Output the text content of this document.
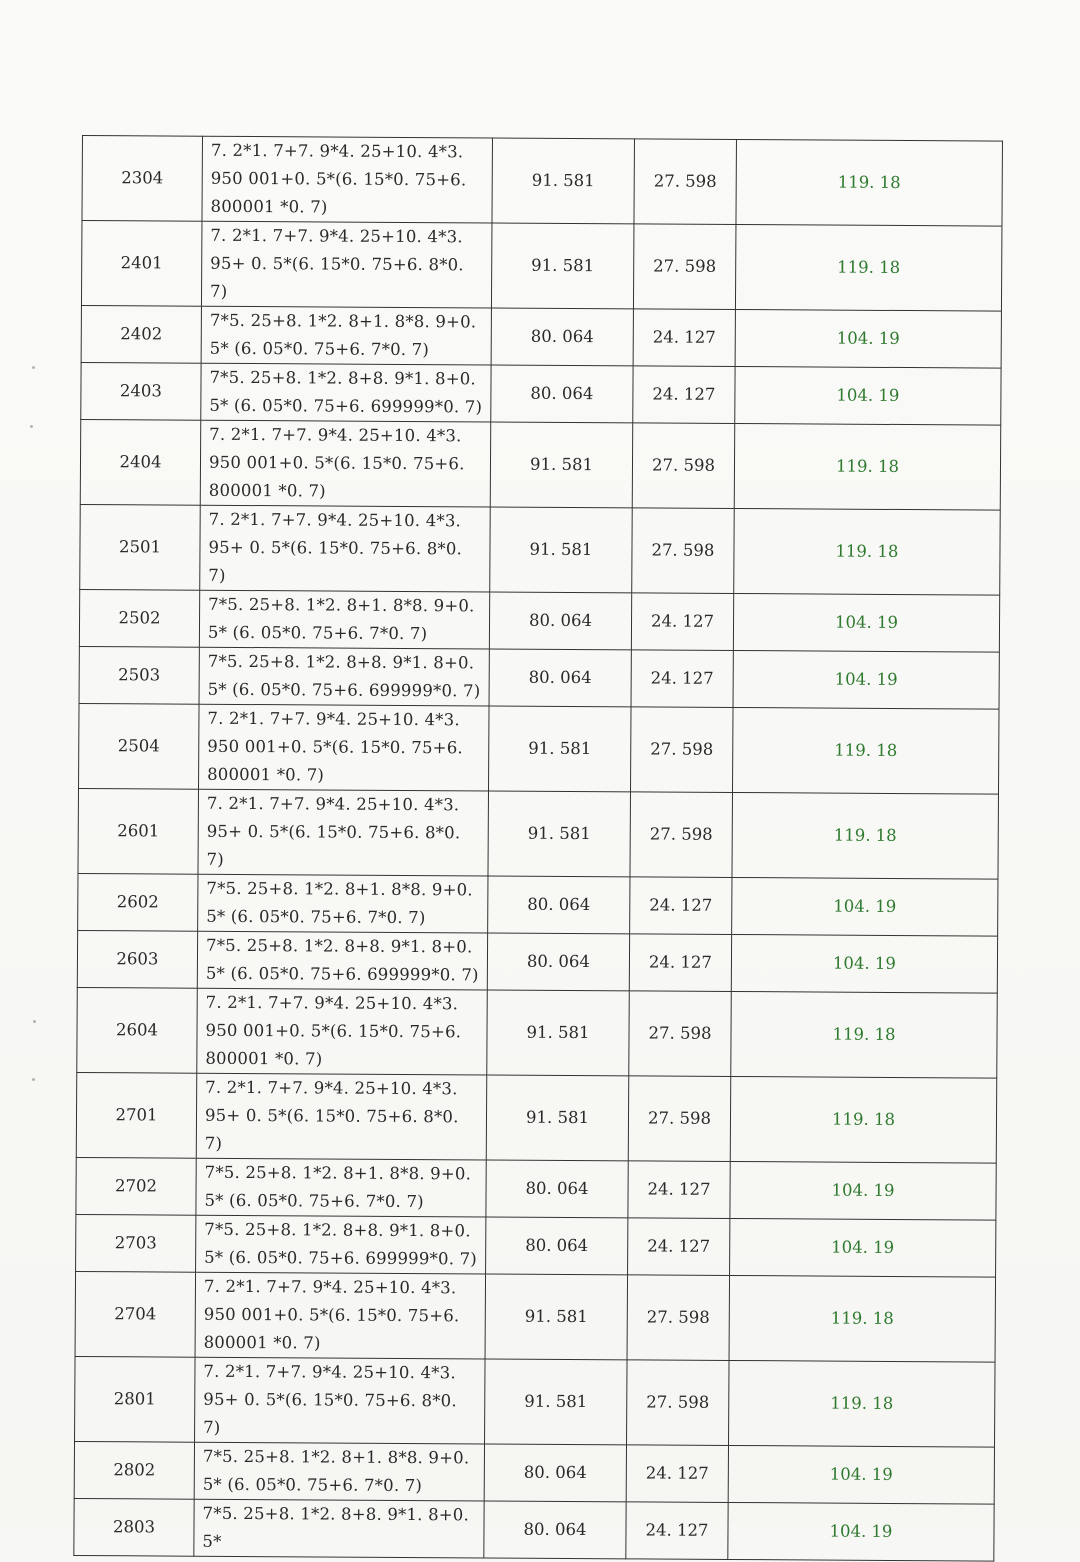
2304	7. 2*1. 7+7. 9*4. 25+10. 4*3. 950 001+0. 5*(6. 15*0. 75+6. 800001 *0. 7)	91. 581	27. 598	119. 18
2401	7. 2*1. 7+7. 9*4. 25+10. 4*3. 95+ 0. 5*(6. 15*0. 75+6. 8*0. 7)	91. 581	27. 598	119. 18
2402	7*5. 25+8. 1*2. 8+1. 8*8. 9+0. 5* (6. 05*0. 75+6. 7*0. 7)	80. 064	24. 127	104. 19
2403	7*5. 25+8. 1*2. 8+8. 9*1. 8+0. 5* (6. 05*0. 75+6. 699999*0. 7)	80. 064	24. 127	104. 19
2404	7. 2*1. 7+7. 9*4. 25+10. 4*3. 950 001+0. 5*(6. 15*0. 75+6. 800001 *0. 7)	91. 581	27. 598	119. 18
2501	7. 2*1. 7+7. 9*4. 25+10. 4*3. 95+ 0. 5*(6. 15*0. 75+6. 8*0. 7)	91. 581	27. 598	119. 18
2502	7*5. 25+8. 1*2. 8+1. 8*8. 9+0. 5* (6. 05*0. 75+6. 7*0. 7)	80. 064	24. 127	104. 19
2503	7*5. 25+8. 1*2. 8+8. 9*1. 8+0. 5* (6. 05*0. 75+6. 699999*0. 7)	80. 064	24. 127	104. 19
2504	7. 2*1. 7+7. 9*4. 25+10. 4*3. 950 001+0. 5*(6. 15*0. 75+6. 800001 *0. 7)	91. 581	27. 598	119. 18
2601	7. 2*1. 7+7. 9*4. 25+10. 4*3. 95+ 0. 5*(6. 15*0. 75+6. 8*0. 7)	91. 581	27. 598	119. 18
2602	7*5. 25+8. 1*2. 8+1. 8*8. 9+0. 5* (6. 05*0. 75+6. 7*0. 7)	80. 064	24. 127	104. 19
2603	7*5. 25+8. 1*2. 8+8. 9*1. 8+0. 5* (6. 05*0. 75+6. 699999*0. 7)	80. 064	24. 127	104. 19
2604	7. 2*1. 7+7. 9*4. 25+10. 4*3. 950 001+0. 5*(6. 15*0. 75+6. 800001 *0. 7)	91. 581	27. 598	119. 18
2701	7. 2*1. 7+7. 9*4. 25+10. 4*3. 95+ 0. 5*(6. 15*0. 75+6. 8*0. 7)	91. 581	27. 598	119. 18
2702	7*5. 25+8. 1*2. 8+1. 8*8. 9+0. 5* (6. 05*0. 75+6. 7*0. 7)	80. 064	24. 127	104. 19
2703	7*5. 25+8. 1*2. 8+8. 9*1. 8+0. 5* (6. 05*0. 75+6. 699999*0. 7)	80. 064	24. 127	104. 19
2704	7. 2*1. 7+7. 9*4. 25+10. 4*3. 950 001+0. 5*(6. 15*0. 75+6. 800001 *0. 7)	91. 581	27. 598	119. 18
2801	7. 2*1. 7+7. 9*4. 25+10. 4*3. 95+ 0. 5*(6. 15*0. 75+6. 8*0. 7)	91. 581	27. 598	119. 18
2802	7*5. 25+8. 1*2. 8+1. 8*8. 9+0. 5* (6. 05*0. 75+6. 7*0. 7)	80. 064	24. 127	104. 19
2803	7*5. 25+8. 1*2. 8+8. 9*1. 8+0. 5*	80. 064	24. 127	104. 19
